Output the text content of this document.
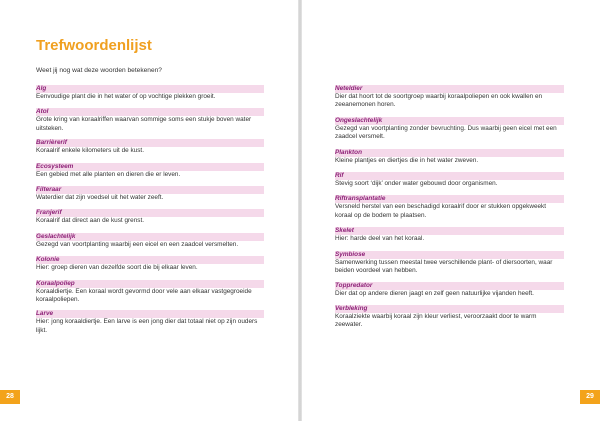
Trefwoordenlijst
Weet jij nog wat deze woorden betekenen?
Alg

Eenvoudige plant die in het water of op vochtige plekken groeit.

Atol

Grote kring van koraalriffen waarvan sommige soms een stukje boven water uitsteken.

Barrièrerif

Koraalrif enkele kilometers uit de kust.

Ecosysteem

Een gebied met alle planten en dieren die er leven.

Filteraar

Waterdier dat zijn voedsel uit het water zeeft.

Franjerif

Koraalrif dat direct aan de kust grenst.

Geslachtelijk

Gezegd van voortplanting waarbij een eicel en een zaadcel versmelten.

Kolonie

Hier: groep dieren van dezelfde soort die bij elkaar leven.

Koraalpoliep

Koraaldiertje. Een koraal wordt gevormd door vele aan elkaar vastgegroeide koraalpoliepen.

Larve

Hier: jong koraaldiertje. Een larve is een jong dier dat totaal niet op zijn ouders lijkt.

28
Neteldier

Dier dat hoort tot de soortgroep waarbij koraalpoliepen en ook kwallen en zeeanemonen horen.

Ongeslachtelijk

Gezegd van voortplanting zonder bevruchting. Dus waarbij geen eicel met een zaadcel versmelt.

Plankton

Kleine plantjes en diertjes die in het water zweven.

Rif

Stevig soort ‘dijk’ onder water gebouwd door organismen.

Riftransplantatie

Versneld herstel van een beschadigd koraalrif door er stukken opgekweekt koraal op de bodem te plaatsen.

Skelet

Hier: harde deel van het koraal.

Symbiose

Samenwerking tussen meestal twee verschillende plant- of diersoorten, waar beiden voordeel van hebben.

Toppredator

Dier dat op andere dieren jaagt en zelf geen natuurlijke vijanden heeft.

Verbleking

Koraalziekte waarbij koraal zijn kleur verliest, veroorzaakt door te warm zeewater.

29
